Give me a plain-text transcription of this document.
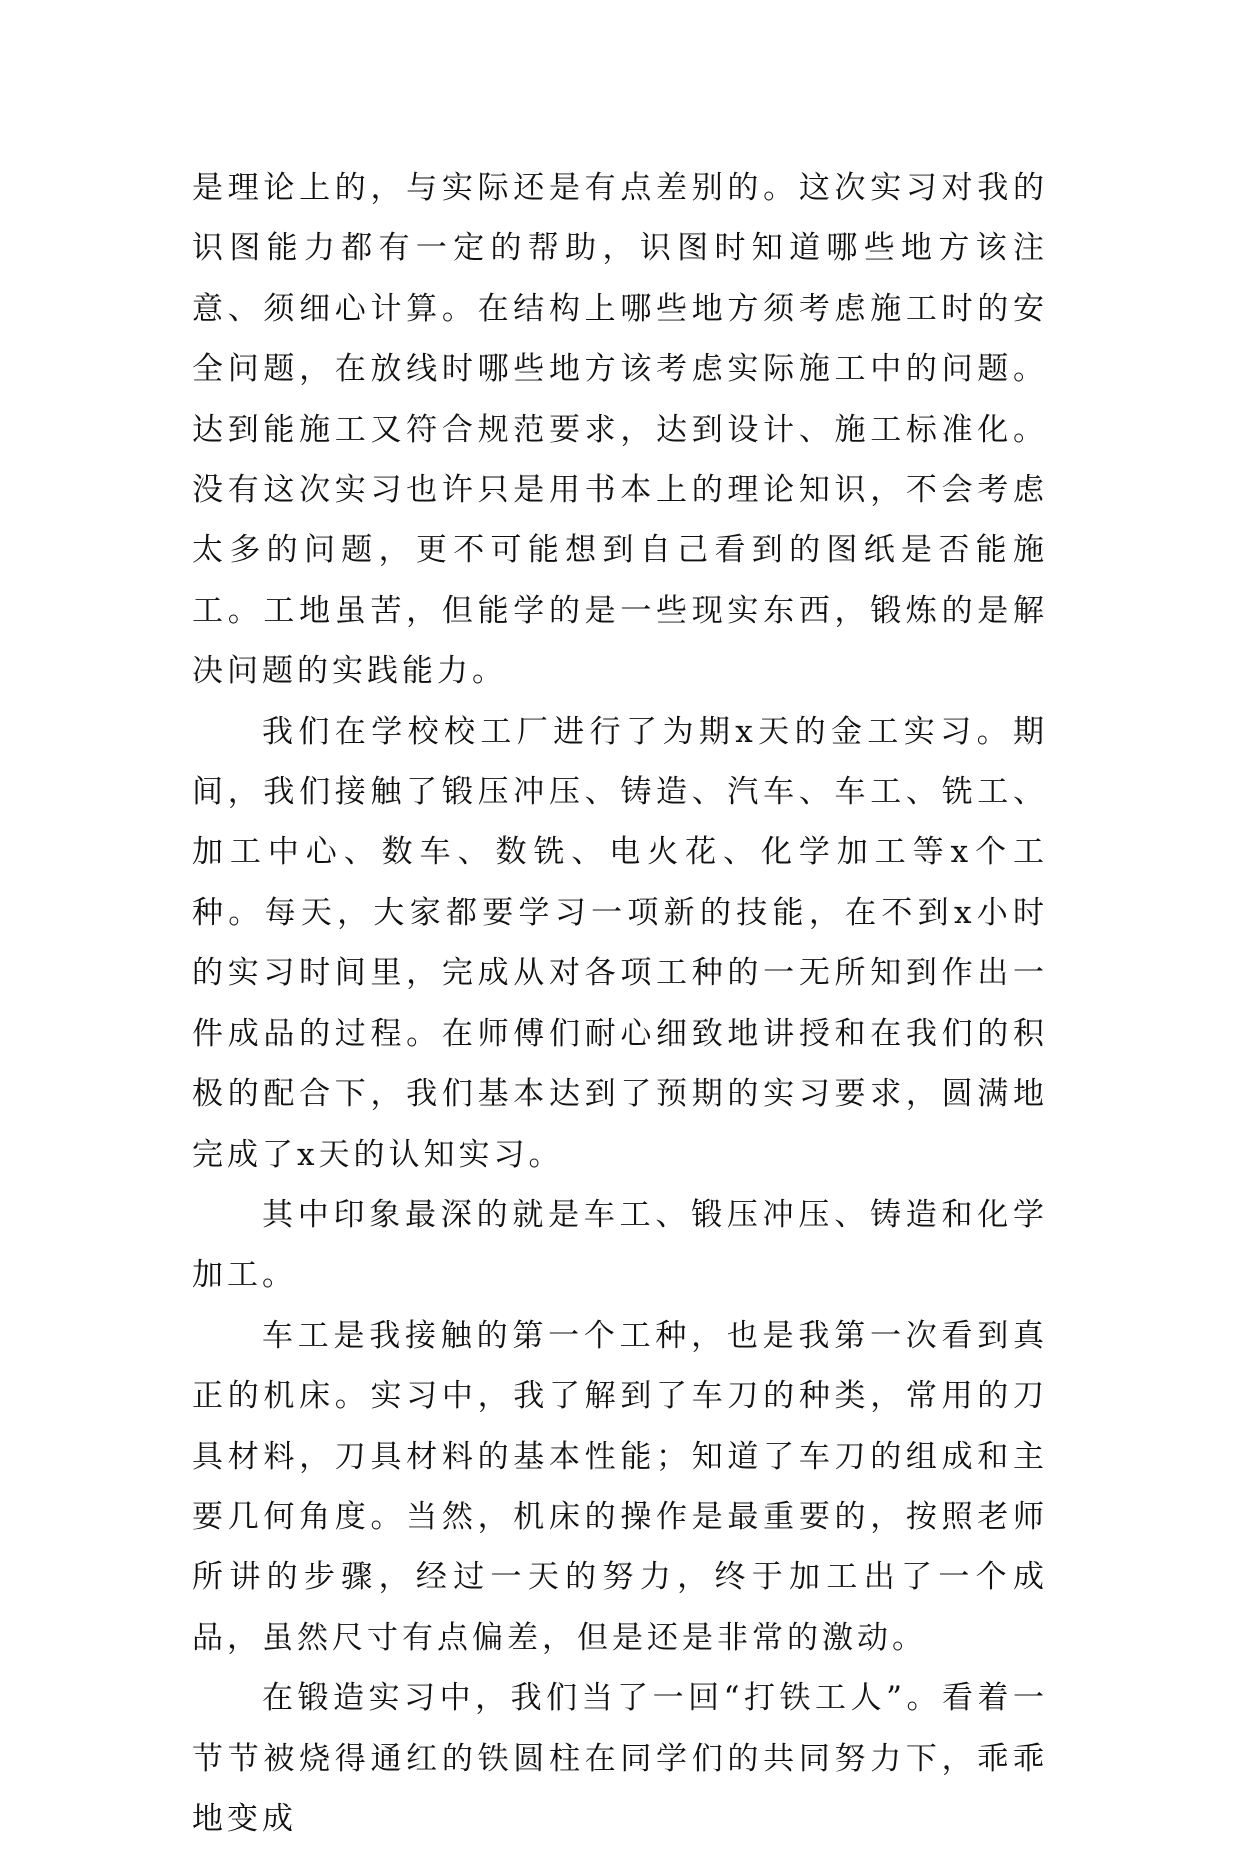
是理论上的，与实际还是有点差别的。这次实习对我的识图能力都有一定的帮助，识图时知道哪些地方该注意、须细心计算。在结构上哪些地方须考虑施工时的安全问题，在放线时哪些地方该考虑实际施工中的问题。达到能施工又符合规范要求，达到设计、施工标准化。没有这次实习也许只是用书本上的理论知识，不会考虑太多的问题，更不可能想到自己看到的图纸是否能施工。工地虽苦，但能学的是一些现实东西，锻炼的是解决问题的实践能力。

我们在学校校工厂进行了为期x天的金工实习。期间，我们接触了锻压冲压、铸造、汽车、车工、铣工、加工中心、数车、数铣、电火花、化学加工等x个工种。每天，大家都要学习一项新的技能，在不到x小时的实习时间里，完成从对各项工种的一无所知到作出一件成品的过程。在师傅们耐心细致地讲授和在我们的积极的配合下，我们基本达到了预期的实习要求，圆满地完成了x天的认知实习。

其中印象最深的就是车工、锻压冲压、铸造和化学加工。

车工是我接触的第一个工种，也是我第一次看到真正的机床。实习中，我了解到了车刀的种类，常用的刀具材料，刀具材料的基本性能；知道了车刀的组成和主要几何角度。当然，机床的操作是最重要的，按照老师所讲的步骤，经过一天的努力，终于加工出了一个成品，虽然尺寸有点偏差，但是还是非常的激动。

在锻造实习中，我们当了一回“打铁工人”。看着一节节被烧得通红的铁圆柱在同学们的共同努力下，乖乖地变成
